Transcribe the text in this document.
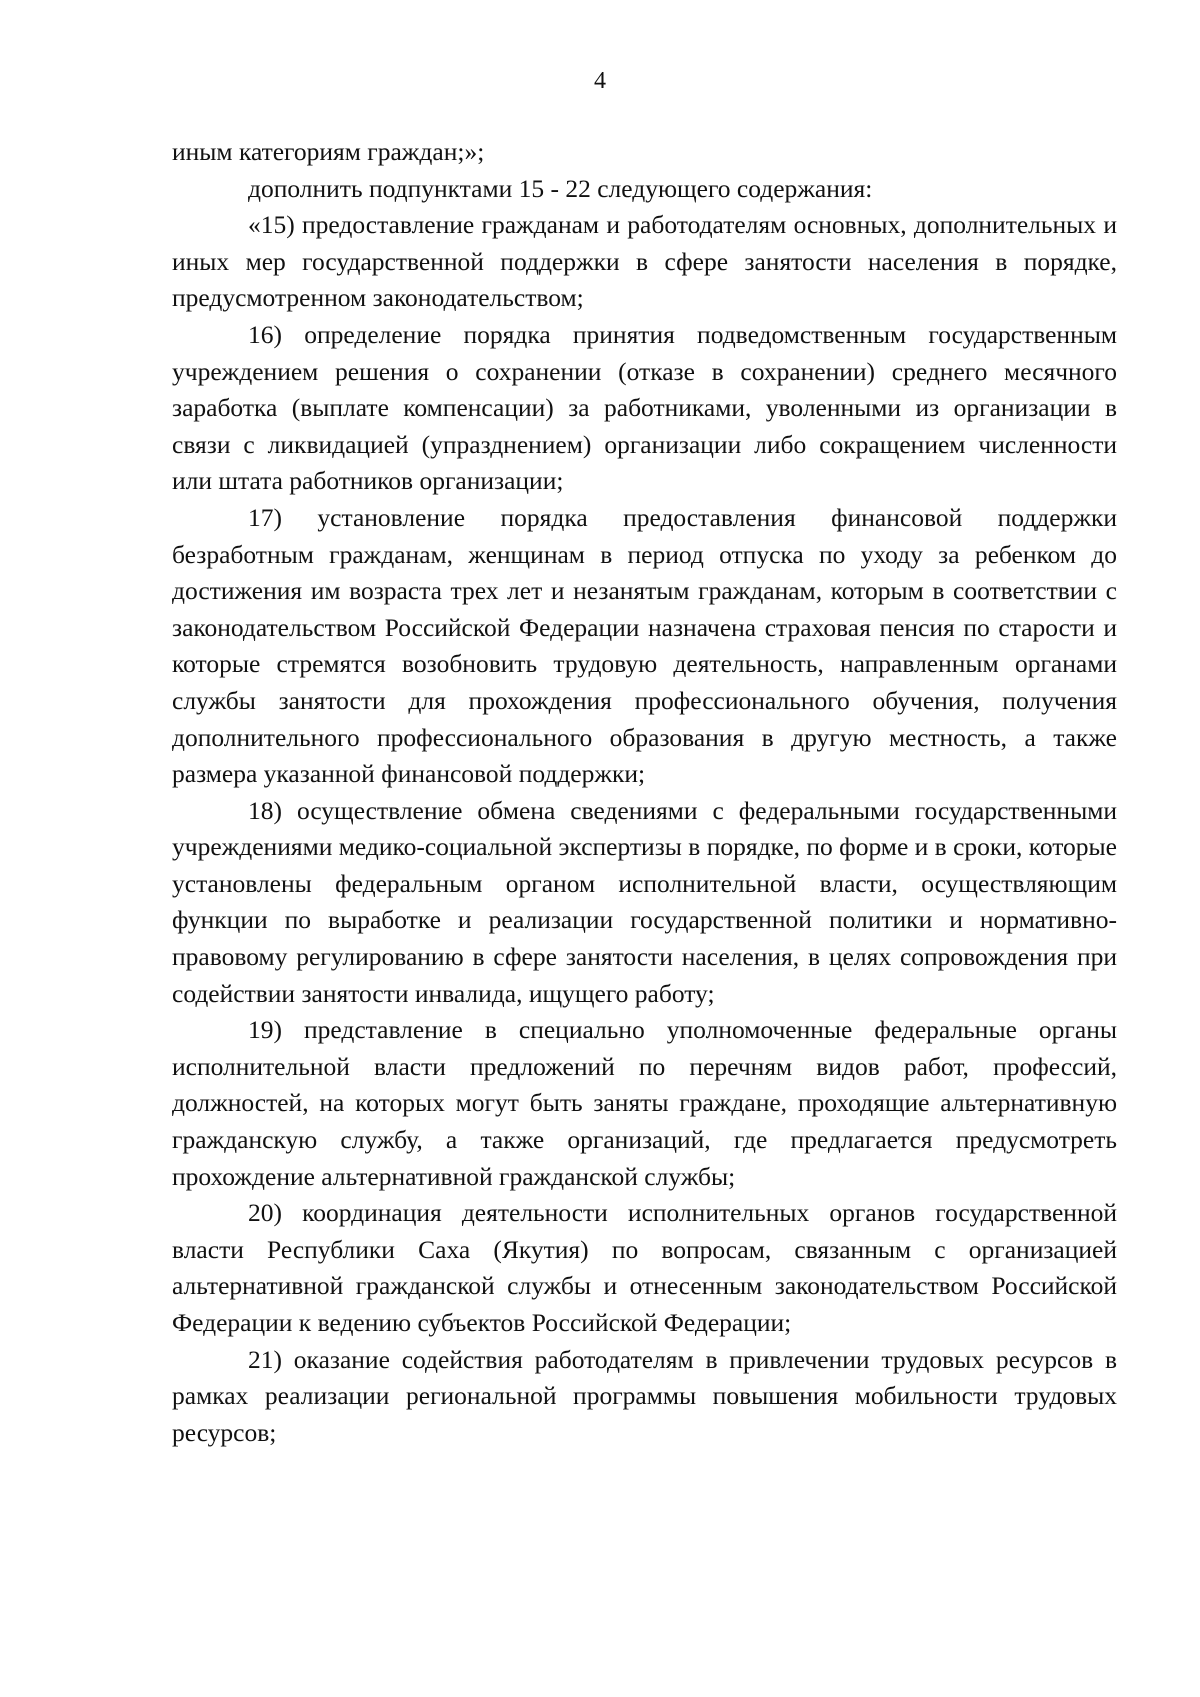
4

иным категориям граждан;»;

дополнить подпунктами 15 - 22 следующего содержания:

«15) предоставление гражданам и работодателям основных, дополнительных и иных мер государственной поддержки в сфере занятости населения в порядке, предусмотренном законодательством;

16) определение порядка принятия подведомственным государственным учреждением решения о сохранении (отказе в сохранении) среднего месячного заработка (выплате компенсации) за работниками, уволенными из организации в связи с ликвидацией (упразднением) организации либо сокращением численности или штата работников организации;

17) установление порядка предоставления финансовой поддержки безработным гражданам, женщинам в период отпуска по уходу за ребенком до достижения им возраста трех лет и незанятым гражданам, которым в соответствии с законодательством Российской Федерации назначена страховая пенсия по старости и которые стремятся возобновить трудовую деятельность, направленным органами службы занятости для прохождения профессионального обучения, получения дополнительного профессионального образования в другую местность, а также размера указанной финансовой поддержки;

18) осуществление обмена сведениями с федеральными государственными учреждениями медико-социальной экспертизы в порядке, по форме и в сроки, которые установлены федеральным органом исполнительной власти, осуществляющим функции по выработке и реализации государственной политики и нормативно-правовому регулированию в сфере занятости населения, в целях сопровождения при содействии занятости инвалида, ищущего работу;

19) представление в специально уполномоченные федеральные органы исполнительной власти предложений по перечням видов работ, профессий, должностей, на которых могут быть заняты граждане, проходящие альтернативную гражданскую службу, а также организаций, где предлагается предусмотреть прохождение альтернативной гражданской службы;

20) координация деятельности исполнительных органов государственной власти Республики Саха (Якутия) по вопросам, связанным с организацией альтернативной гражданской службы и отнесенным законодательством Российской Федерации к ведению субъектов Российской Федерации;

21) оказание содействия работодателям в привлечении трудовых ресурсов в рамках реализации региональной программы повышения мобильности трудовых ресурсов;
